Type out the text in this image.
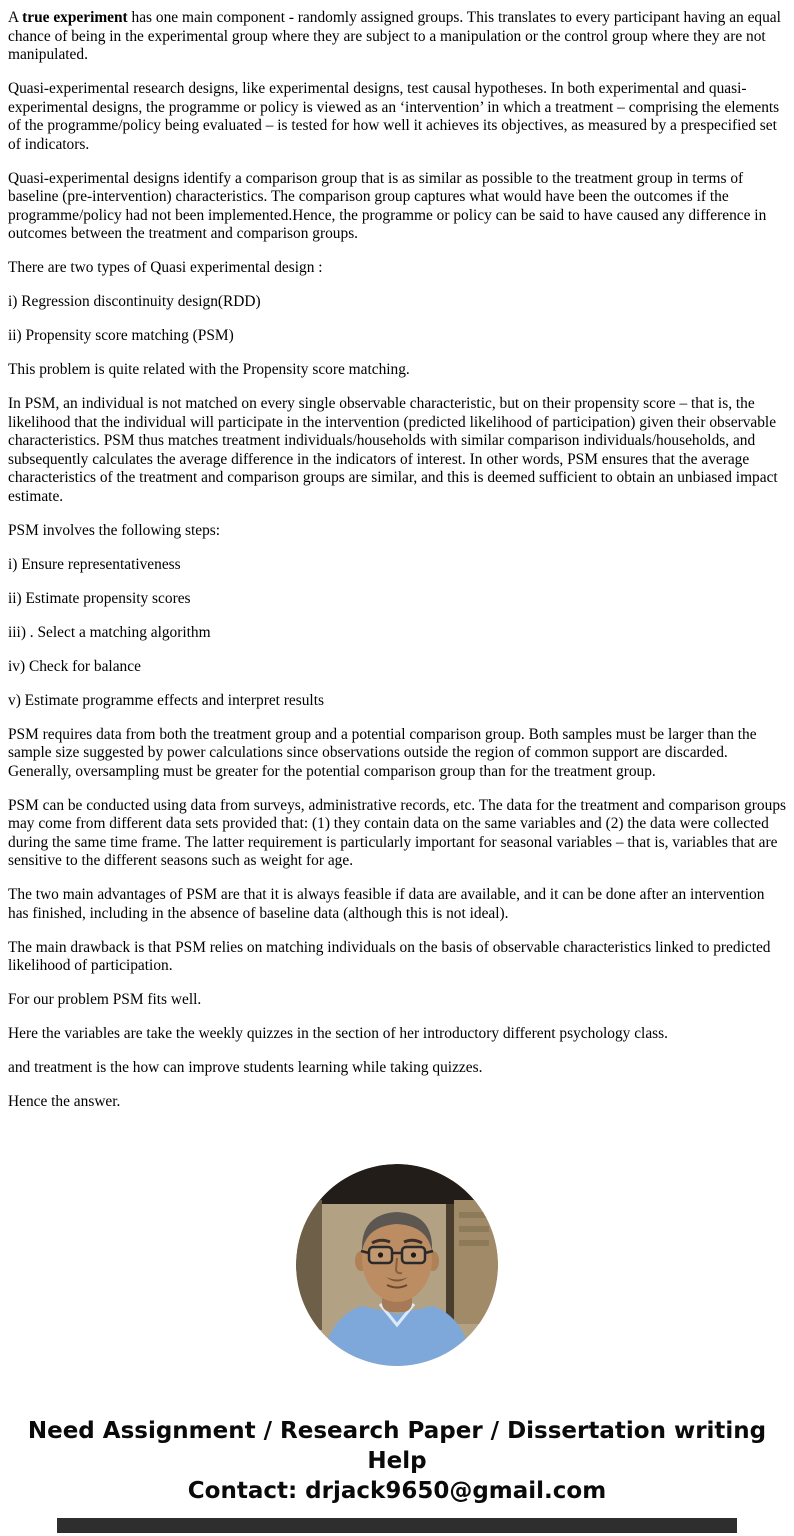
A true experiment has one main component - randomly assigned groups. This translates to every participant having an equal chance of being in the experimental group where they are subject to a manipulation or the control group where they are not manipulated.

Quasi-experimental research designs, like experimental designs, test causal hypotheses. In both experimental and quasi-experimental designs, the programme or policy is viewed as an ‘intervention’ in which a treatment – comprising the elements of the programme/policy being evaluated – is tested for how well it achieves its objectives, as measured by a prespecified set of indicators.

Quasi-experimental designs identify a comparison group that is as similar as possible to the treatment group in terms of baseline (pre-intervention) characteristics. The comparison group captures what would have been the outcomes if the programme/policy had not been implemented.Hence, the programme or policy can be said to have caused any difference in outcomes between the treatment and comparison groups.

There are two types of Quasi experimental design :

i) Regression discontinuity design(RDD)

ii) Propensity score matching (PSM)

This problem is quite related with the Propensity score matching.

In PSM, an individual is not matched on every single observable characteristic, but on their propensity score – that is, the likelihood that the individual will participate in the intervention (predicted likelihood of participation) given their observable characteristics. PSM thus matches treatment individuals/households with similar comparison individuals/households, and subsequently calculates the average difference in the indicators of interest. In other words, PSM ensures that the average characteristics of the treatment and comparison groups are similar, and this is deemed sufficient to obtain an unbiased impact estimate.

PSM involves the following steps:

i) Ensure representativeness

ii) Estimate propensity scores

iii) . Select a matching algorithm

iv) Check for balance

v) Estimate programme effects and interpret results

PSM requires data from both the treatment group and a potential comparison group. Both samples must be larger than the sample size suggested by power calculations since observations outside the region of common support are discarded. Generally, oversampling must be greater for the potential comparison group than for the treatment group.

PSM can be conducted using data from surveys, administrative records, etc. The data for the treatment and comparison groups may come from different data sets provided that: (1) they contain data on the same variables and (2) the data were collected during the same time frame. The latter requirement is particularly important for seasonal variables – that is, variables that are sensitive to the different seasons such as weight for age.

The two main advantages of PSM are that it is always feasible if data are available, and it can be done after an intervention has finished, including in the absence of baseline data (although this is not ideal).

The main drawback is that PSM relies on matching individuals on the basis of observable characteristics linked to predicted likelihood of participation.

For our problem PSM fits well.

Here the variables are take the weekly quizzes in the section of her introductory different psychology class.

and treatment is the how can improve students learning while taking quizzes.

Hence the answer.

Need Assignment / Research Paper / Dissertation writing Help
Contact: drjack9650@gmail.com
